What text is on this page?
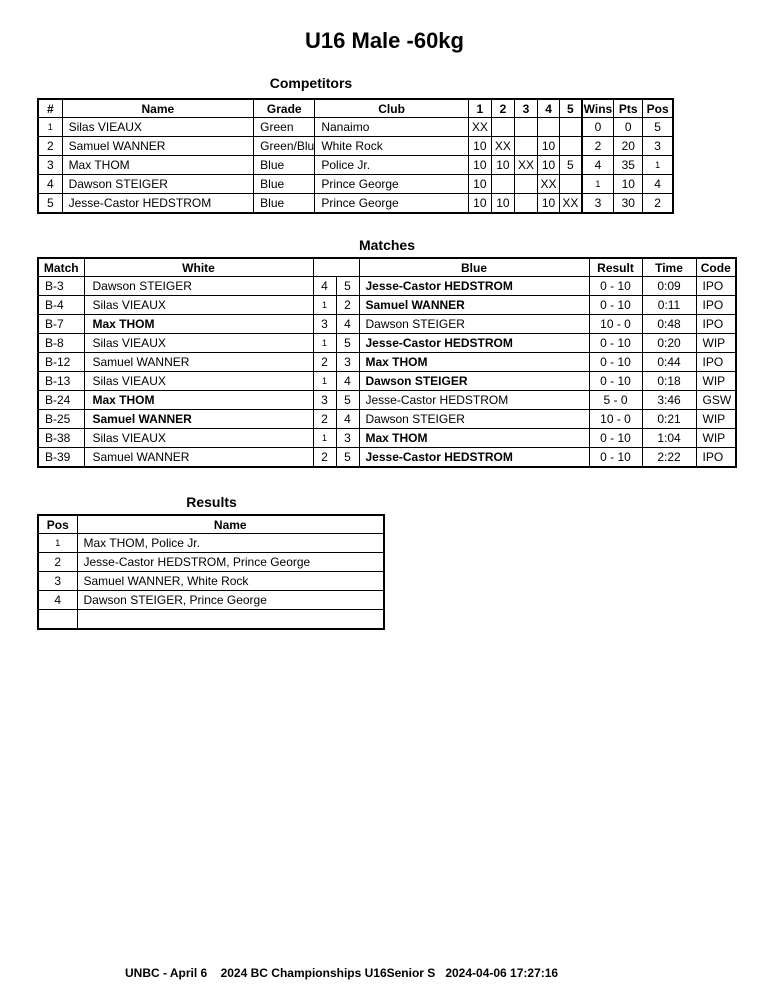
U16 Male -60kg
Competitors
#	Name	Grade	Club	1	2	3	4	5	Wins	Pts	Pos
1	Silas VIEAUX	Green	Nanaimo	XX					0	0	5
2	Samuel WANNER	Green/Blu	White Rock	10	XX		10		2	20	3
3	Max THOM	Blue	Police Jr.	10	10	XX	10	5	4	35	1
4	Dawson STEIGER	Blue	Prince George	10			XX		1	10	4
5	Jesse-Castor HEDSTROM	Blue	Prince George	10	10		10	XX	3	30	2
Matches
Match	White			Blue	Result	Time	Code
B-3	Dawson STEIGER	4	5	Jesse-Castor HEDSTROM	0 - 10	0:09	IPO
B-4	Silas VIEAUX	1	2	Samuel WANNER	0 - 10	0:11	IPO
B-7	Max THOM	3	4	Dawson STEIGER	10 - 0	0:48	IPO
B-8	Silas VIEAUX	1	5	Jesse-Castor HEDSTROM	0 - 10	0:20	WIP
B-12	Samuel WANNER	2	3	Max THOM	0 - 10	0:44	IPO
B-13	Silas VIEAUX	1	4	Dawson STEIGER	0 - 10	0:18	WIP
B-24	Max THOM	3	5	Jesse-Castor HEDSTROM	5 - 0	3:46	GSW
B-25	Samuel WANNER	2	4	Dawson STEIGER	10 - 0	0:21	WIP
B-38	Silas VIEAUX	1	3	Max THOM	0 - 10	1:04	WIP
B-39	Samuel WANNER	2	5	Jesse-Castor HEDSTROM	0 - 10	2:22	IPO
Results
Pos	Name
1	Max THOM, Police Jr.
2	Jesse-Castor HEDSTROM, Prince George
3	Samuel WANNER, White Rock
4	Dawson STEIGER, Prince George

UNBC - April 6 2024 BC Championships U16Senior S 2024-04-06 17:27:16
